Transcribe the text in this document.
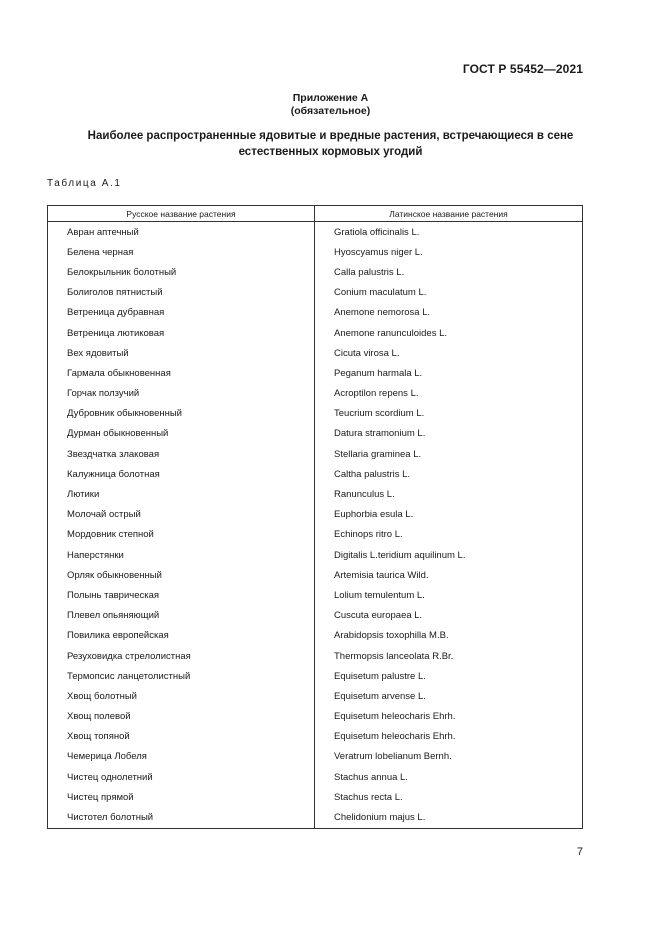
ГОСТ Р 55452—2021
Приложение А
(обязательное)
Наиболее распространенные ядовитые и вредные растения, встречающиеся в сене
естественных кормовых угодий
Таблица А.1
Русское название растения	Латинское название растения
Авран аптечный	Gratiola officinalis L.
Белена черная	Hyoscyamus niger L.
Белокрыльник болотный	Calla palustris L.
Болиголов пятнистый	Conium maculatum L.
Ветреница дубравная	Anemone nemorosa L.
Ветреница лютиковая	Anemone ranunculoides L.
Вех ядовитый	Cicuta virosa L.
Гармала обыкновенная	Peganum harmala L.
Горчак ползучий	Acroptilon repens L.
Дубровник обыкновенный	Teucrium scordium L.
Дурман обыкновенный	Datura stramonium L.
Звездчатка злаковая	Stellaria graminea L.
Калужница болотная	Caltha palustris L.
Лютики	Ranunculus L.
Молочай острый	Euphorbia esula L.
Мордовник степной	Echinops ritro L.
Наперстянки	Digitalis L.teridium aquilinum L.
Орляк обыкновенный	Artemisia taurica Wild.
Полынь таврическая	Lolium temulentum L.
Плевел опьяняющий	Cuscuta europaea L.
Повилика европейская	Arabidopsis toxophilla M.B.
Резуховидка стрелолистная	Thermopsis lanceolata R.Br.
Термопсис ланцетолистный	Equisetum palustre L.
Хвощ болотный	Equisetum arvense L.
Хвощ полевой	Equisetum heleocharis Ehrh.
Хвощ топяной	Equisetum heleocharis Ehrh.
Чемерица Лобеля	Veratrum lobelianum Bernh.
Чистец однолетний	Stachus annua L.
Чистец прямой	Stachus recta L.
Чистотел болотный	Chelidonium majus L.
7
